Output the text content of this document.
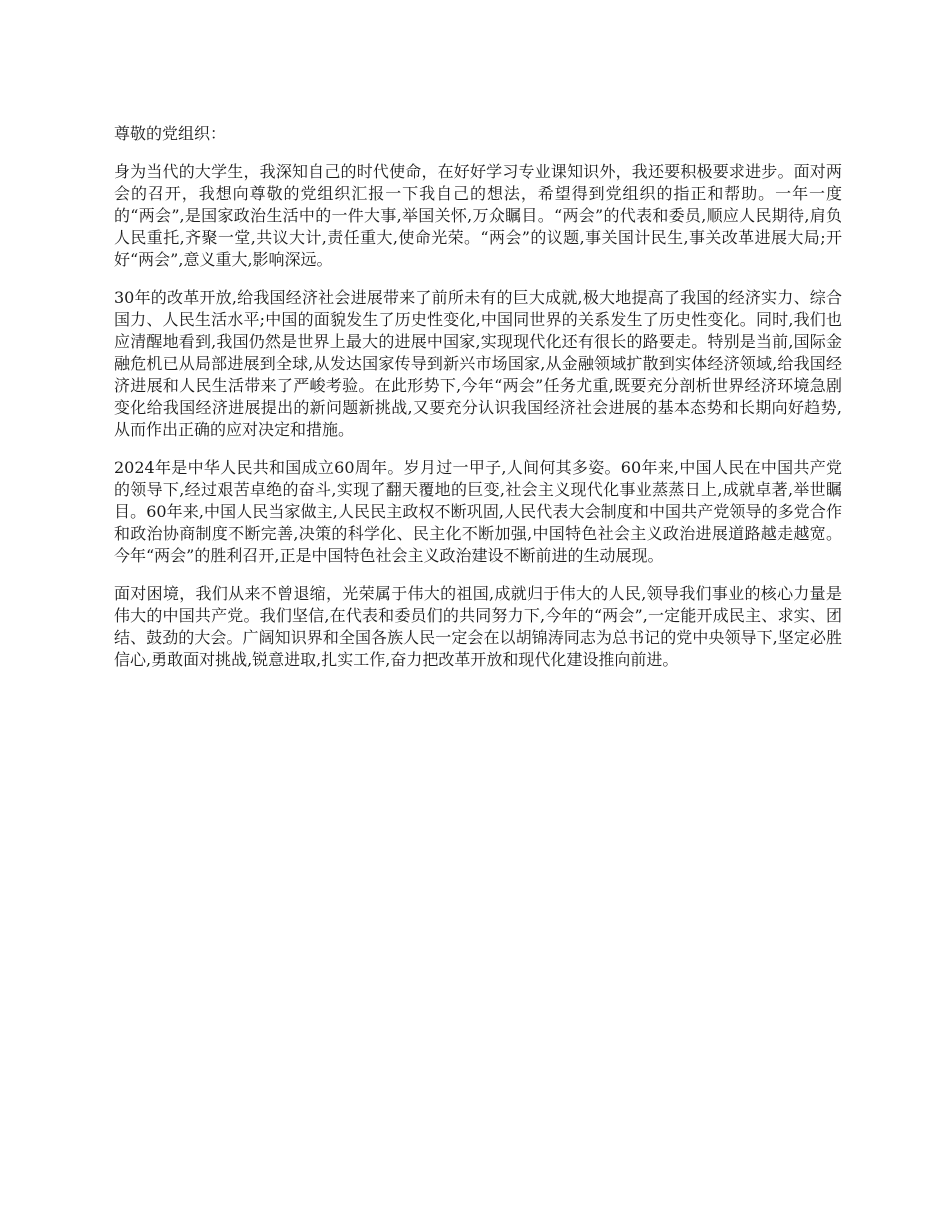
尊敬的党组织：

身为当代的大学生，我深知自己的时代使命，在好好学习专业课知识外，我还要积极要求进步。面对两会的召开，我想向尊敬的党组织汇报一下我自己的想法，希望得到党组织的指正和帮助。一年一度的“两会”,是国家政治生活中的一件大事,举国关怀,万众瞩目。“两会”的代表和委员,顺应人民期待,肩负人民重托,齐聚一堂,共议大计,责任重大,使命光荣。“两会”的议题,事关国计民生,事关改革进展大局;开好“两会”,意义重大,影响深远。

30年的改革开放,给我国经济社会进展带来了前所未有的巨大成就,极大地提高了我国的经济实力、综合国力、人民生活水平;中国的面貌发生了历史性变化,中国同世界的关系发生了历史性变化。同时,我们也应清醒地看到,我国仍然是世界上最大的进展中国家,实现现代化还有很长的路要走。特别是当前,国际金融危机已从局部进展到全球,从发达国家传导到新兴市场国家,从金融领域扩散到实体经济领域,给我国经济进展和人民生活带来了严峻考验。在此形势下,今年“两会”任务尤重,既要充分剖析世界经济环境急剧变化给我国经济进展提出的新问题新挑战,又要充分认识我国经济社会进展的基本态势和长期向好趋势,从而作出正确的应对决定和措施。

2024年是中华人民共和国成立60周年。岁月过一甲子,人间何其多姿。60年来,中国人民在中国共产党的领导下,经过艰苦卓绝的奋斗,实现了翻天覆地的巨变,社会主义现代化事业蒸蒸日上,成就卓著,举世瞩目。60年来,中国人民当家做主,人民民主政权不断巩固,人民代表大会制度和中国共产党领导的多党合作和政治协商制度不断完善,决策的科学化、民主化不断加强,中国特色社会主义政治进展道路越走越宽。今年“两会”的胜利召开,正是中国特色社会主义政治建设不断前进的生动展现。

面对困境，我们从来不曾退缩，光荣属于伟大的祖国,成就归于伟大的人民,领导我们事业的核心力量是伟大的中国共产党。我们坚信,在代表和委员们的共同努力下,今年的“两会”,一定能开成民主、求实、团结、鼓劲的大会。广阔知识界和全国各族人民一定会在以胡锦涛同志为总书记的党中央领导下,坚定必胜信心,勇敢面对挑战,锐意进取,扎实工作,奋力把改革开放和现代化建设推向前进。
